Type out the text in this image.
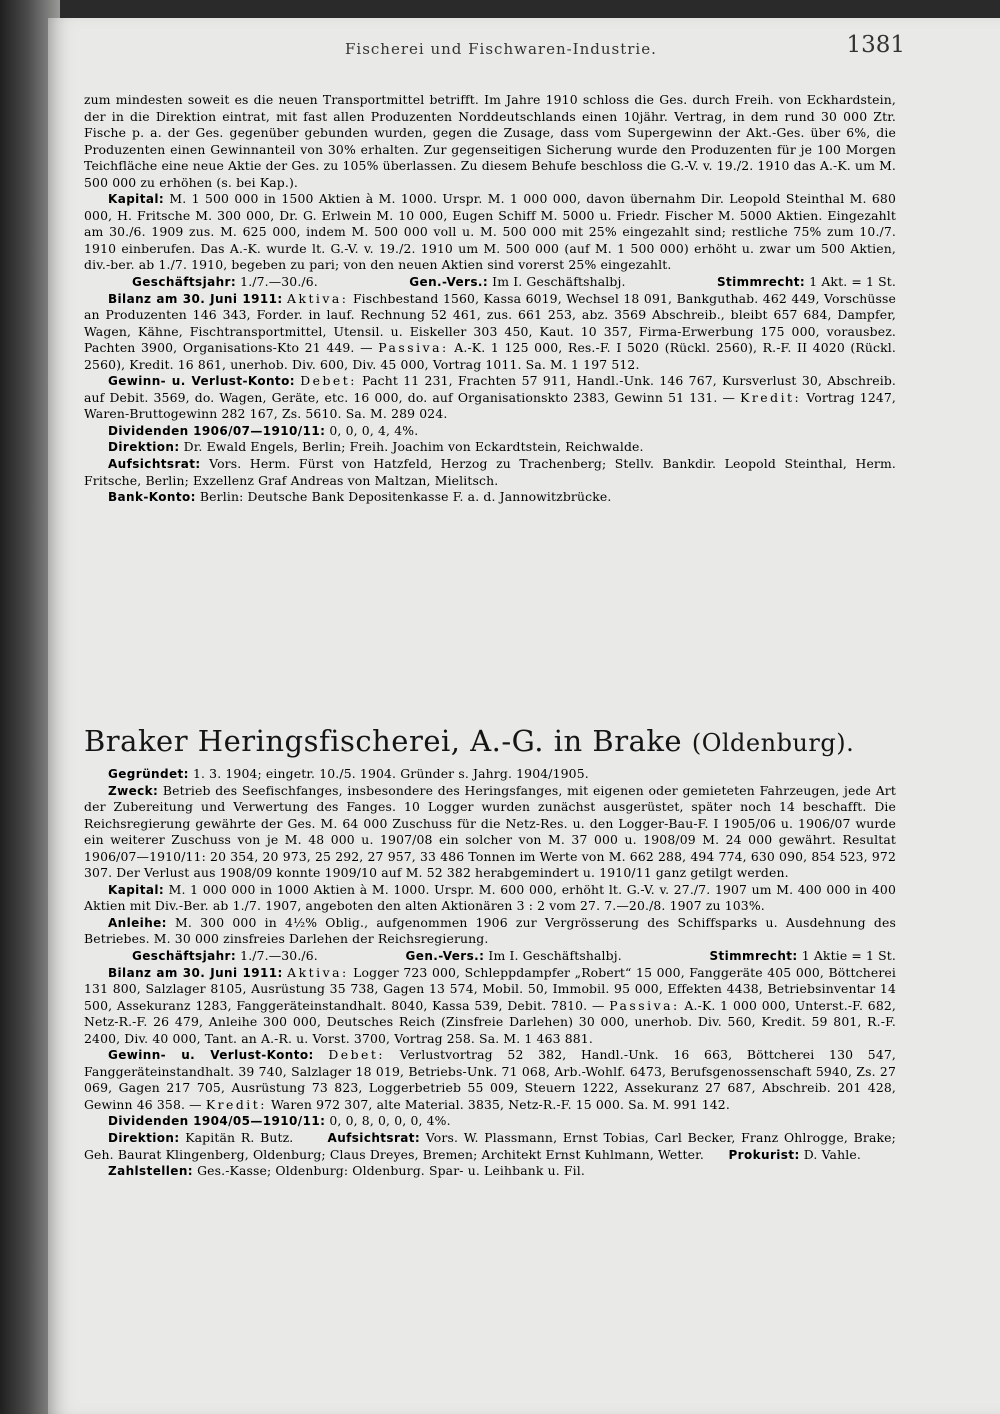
Fischerei und Fischwaren-Industrie.	1381

zum mindesten soweit es die neuen Transportmittel betrifft. Im Jahre 1910 schloss die Ges. durch Freih. von Eckhardstein, der in die Direktion eintrat, mit fast allen Produzenten Norddeutschlands einen 10jähr. Vertrag, in dem rund 30 000 Ztr. Fische p. a. der Ges. gegenüber gebunden wurden, gegen die Zusage, dass vom Supergewinn der Akt.-Ges. über 6%, die Produzenten einen Gewinnanteil von 30% erhalten. Zur gegenseitigen Sicherung wurde den Produzenten für je 100 Morgen Teichfläche eine neue Aktie der Ges. zu 105% überlassen. Zu diesem Behufe beschloss die G.-V. v. 19./2. 1910 das A.-K. um M. 500 000 zu erhöhen (s. bei Kap.).

Kapital: M. 1 500 000 in 1500 Aktien à M. 1000. Urspr. M. 1 000 000, davon übernahm Dir. Leopold Steinthal M. 680 000, H. Fritsche M. 300 000, Dr. G. Erlwein M. 10 000, Eugen Schiff M. 5000 u. Friedr. Fischer M. 5000 Aktien. Eingezahlt am 30./6. 1909 zus. M. 625 000, indem M. 500 000 voll u. M. 500 000 mit 25% eingezahlt sind; restliche 75% zum 10./7. 1910 einberufen. Das A.-K. wurde lt. G.-V. v. 19./2. 1910 um M. 500 000 (auf M. 1 500 000) erhöht u. zwar um 500 Aktien, div.-ber. ab 1./7. 1910, begeben zu pari; von den neuen Aktien sind vorerst 25% eingezahlt.

Geschäftsjahr: 1./7.—30./6.	Gen.-Vers.: Im I. Geschäftshalbj.	Stimmrecht: 1 Akt. = 1 St.

Bilanz am 30. Juni 1911: Aktiva: Fischbestand 1560, Kassa 6019, Wechsel 18 091, Bankguthab. 462 449, Vorschüsse an Produzenten 146 343, Forder. in lauf. Rechnung 52 461, zus. 661 253, abz. 3569 Abschreib., bleibt 657 684, Dampfer, Wagen, Kähne, Fischtransportmittel, Utensil. u. Eiskeller 303 450, Kaut. 10 357, Firma-Erwerbung 175 000, vorausbez. Pachten 3900, Organisations-Kto 21 449. — Passiva: A.-K. 1 125 000, Res.-F. I 5020 (Rückl. 2560), R.-F. II 4020 (Rückl. 2560), Kredit. 16 861, unerhob. Div. 600, Div. 45 000, Vortrag 1011. Sa. M. 1 197 512.

Gewinn- u. Verlust-Konto: Debet: Pacht 11 231, Frachten 57 911, Handl.-Unk. 146 767, Kursverlust 30, Abschreib. auf Debit. 3569, do. Wagen, Geräte, etc. 16 000, do. auf Organisationskto 2383, Gewinn 51 131. — Kredit: Vortrag 1247, Waren-Bruttogewinn 282 167, Zs. 5610. Sa. M. 289 024.

Dividenden 1906/07—1910/11: 0, 0, 0, 4, 4%.

Direktion: Dr. Ewald Engels, Berlin; Freih. Joachim von Eckardtstein, Reichwalde.

Aufsichtsrat: Vors. Herm. Fürst von Hatzfeld, Herzog zu Trachenberg; Stellv. Bankdir. Leopold Steinthal, Herm. Fritsche, Berlin; Exzellenz Graf Andreas von Maltzan, Mielitsch.

Bank-Konto: Berlin: Deutsche Bank Depositenkasse F. a. d. Jannowitzbrücke.

Braker Heringsfischerei, A.-G. in Brake (Oldenburg).

Gegründet: 1. 3. 1904; eingetr. 10./5. 1904. Gründer s. Jahrg. 1904/1905.

Zweck: Betrieb des Seefischfanges, insbesondere des Heringsfanges, mit eigenen oder gemieteten Fahrzeugen, jede Art der Zubereitung und Verwertung des Fanges. 10 Logger wurden zunächst ausgerüstet, später noch 14 beschafft. Die Reichsregierung gewährte der Ges. M. 64 000 Zuschuss für die Netz-Res. u. den Logger-Bau-F. I 1905/06 u. 1906/07 wurde ein weiterer Zuschuss von je M. 48 000 u. 1907/08 ein solcher von M. 37 000 u. 1908/09 M. 24 000 gewährt. Resultat 1906/07—1910/11: 20 354, 20 973, 25 292, 27 957, 33 486 Tonnen im Werte von M. 662 288, 494 774, 630 090, 854 523, 972 307. Der Verlust aus 1908/09 konnte 1909/10 auf M. 52 382 herabgemindert u. 1910/11 ganz getilgt werden.

Kapital: M. 1 000 000 in 1000 Aktien à M. 1000. Urspr. M. 600 000, erhöht lt. G.-V. v. 27./7. 1907 um M. 400 000 in 400 Aktien mit Div.-Ber. ab 1./7. 1907, angeboten den alten Aktionären 3 : 2 vom 27. 7.—20./8. 1907 zu 103%.

Anleihe: M. 300 000 in 4½% Oblig., aufgenommen 1906 zur Vergrösserung des Schiffsparks u. Ausdehnung des Betriebes. M. 30 000 zinsfreies Darlehen der Reichsregierung.

Geschäftsjahr: 1./7.—30./6.	Gen.-Vers.: Im I. Geschäftshalbj.	Stimmrecht: 1 Aktie = 1 St.

Bilanz am 30. Juni 1911: Aktiva: Logger 723 000, Schleppdampfer „Robert“ 15 000, Fanggeräte 405 000, Böttcherei 131 800, Salzlager 8105, Ausrüstung 35 738, Gagen 13 574, Mobil. 50, Immobil. 95 000, Effekten 4438, Betriebsinventar 14 500, Assekuranz 1283, Fanggeräteinstandhalt. 8040, Kassa 539, Debit. 7810. — Passiva: A.-K. 1 000 000, Unterst.-F. 682, Netz-R.-F. 26 479, Anleihe 300 000, Deutsches Reich (Zinsfreie Darlehen) 30 000, unerhob. Div. 560, Kredit. 59 801, R.-F. 2400, Div. 40 000, Tant. an A.-R. u. Vorst. 3700, Vortrag 258. Sa. M. 1 463 881.

Gewinn- u. Verlust-Konto: Debet: Verlustvortrag 52 382, Handl.-Unk. 16 663, Böttcherei 130 547, Fanggeräteinstandhalt. 39 740, Salzlager 18 019, Betriebs-Unk. 71 068, Arb.-Wohlf. 6473, Berufsgenossenschaft 5940, Zs. 27 069, Gagen 217 705, Ausrüstung 73 823, Loggerbetrieb 55 009, Steuern 1222, Assekuranz 27 687, Abschreib. 201 428, Gewinn 46 358. — Kredit: Waren 972 307, alte Material. 3835, Netz-R.-F. 15 000. Sa. M. 991 142.

Dividenden 1904/05—1910/11: 0, 0, 8, 0, 0, 0, 4%.

Direktion: Kapitän R. Butz.	Aufsichtsrat: Vors. W. Plassmann, Ernst Tobias, Carl Becker, Franz Ohlrogge, Brake; Geh. Baurat Klingenberg, Oldenburg; Claus Dreyes, Bremen; Architekt Ernst Kuhlmann, Wetter. Prokurist: D. Vahle.

Zahlstellen: Ges.-Kasse; Oldenburg: Oldenburg. Spar- u. Leihbank u. Fil.
